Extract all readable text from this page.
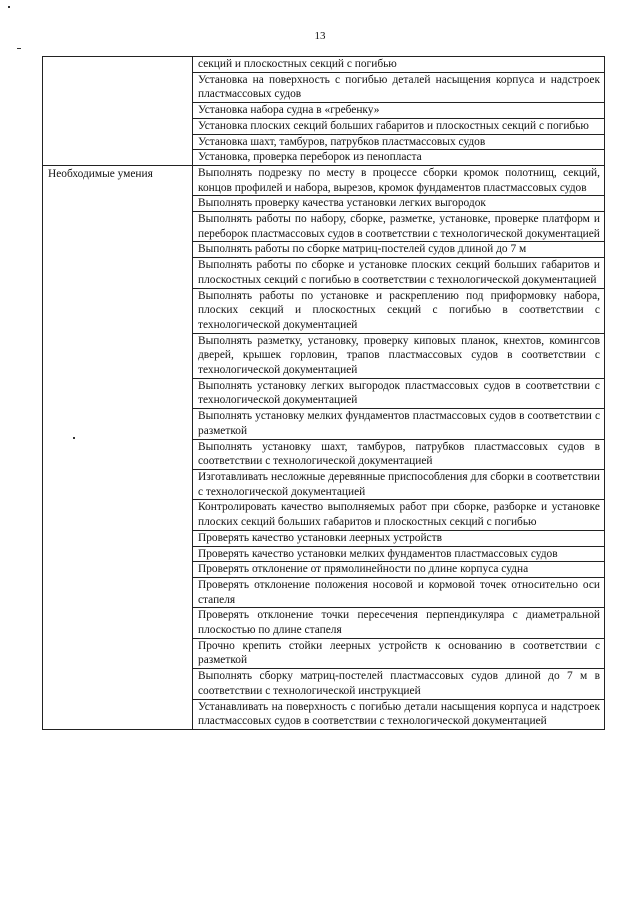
13
	секций и плоскостных секций с погибью
	Установка на поверхность с погибью деталей насыщения корпуса и надстроек пластмассовых судов
	Установка набора судна в «гребенку»
	Установка плоских секций больших габаритов и плоскостных секций с погибью
	Установка шахт, тамбуров, патрубков пластмассовых судов
	Установка, проверка переборок из пенопласта
Необходимые умения	Выполнять подрезку по месту в процессе сборки кромок полотнищ, секций, концов профилей и набора, вырезов, кромок фундаментов пластмассовых судов
	Выполнять проверку качества установки легких выгородок
	Выполнять работы по набору, сборке, разметке, установке, проверке платформ и переборок пластмассовых судов в соответствии с технологической документацией
	Выполнять работы по сборке матриц-постелей судов длиной до 7 м
	Выполнять работы по сборке и установке плоских секций больших габаритов и плоскостных секций с погибью в соответствии с технологической документацией
	Выполнять работы по установке и раскреплению под приформовку набора, плоских секций и плоскостных секций с погибью в соответствии с технологической документацией
	Выполнять разметку, установку, проверку киповых планок, кнехтов, комингсов дверей, крышек горловин, трапов пластмассовых судов в соответствии с технологической документацией
	Выполнять установку легких выгородок пластмассовых судов в соответствии с технологической документацией
	Выполнять установку мелких фундаментов пластмассовых судов в соответствии с разметкой
	Выполнять установку шахт, тамбуров, патрубков пластмассовых судов в соответствии с технологической документацией
	Изготавливать несложные деревянные приспособления для сборки в соответствии с технологической документацией
	Контролировать качество выполняемых работ при сборке, разборке и установке плоских секций больших габаритов и плоскостных секций с погибью
	Проверять качество установки леерных устройств
	Проверять качество установки мелких фундаментов пластмассовых судов
	Проверять отклонение от прямолинейности по длине корпуса судна
	Проверять отклонение положения носовой и кормовой точек относительно оси стапеля
	Проверять отклонение точки пересечения перпендикуляра с диаметральной плоскостью по длине стапеля
	Прочно крепить стойки леерных устройств к основанию в соответствии с разметкой
	Выполнять сборку матриц-постелей пластмассовых судов длиной до 7 м в соответствии с технологической инструкцией
	Устанавливать на поверхность с погибью детали насыщения корпуса и надстроек пластмассовых судов в соответствии с технологической документацией
